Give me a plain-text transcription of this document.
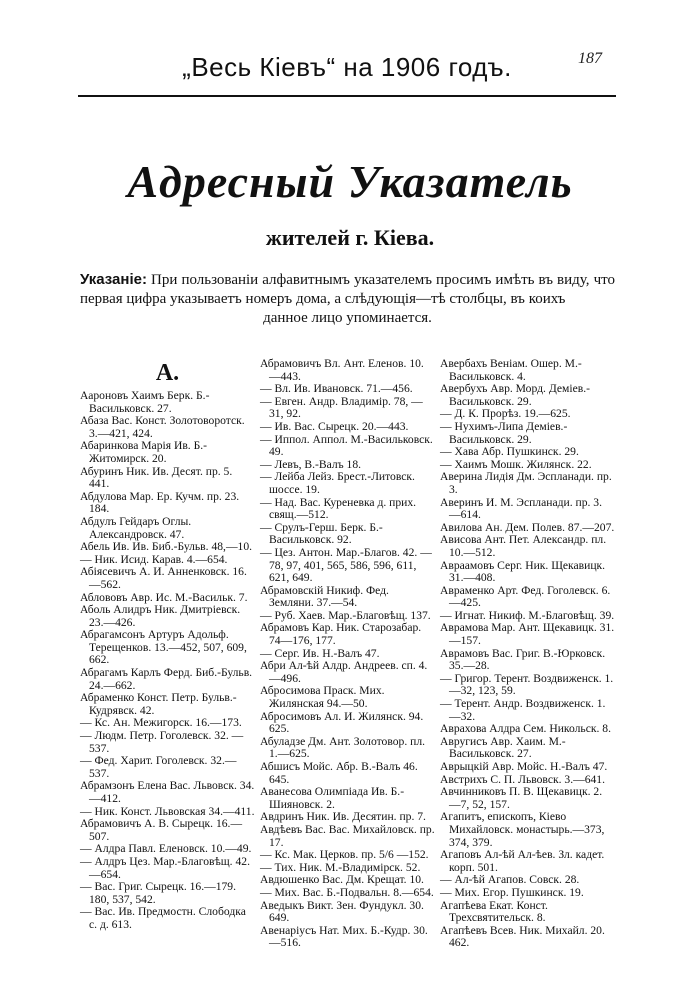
„Весь Кіевъ“ на 1906 годъ.	187
Адресный Указатель
жителей г. Кіева.
Указаніе: При пользованіи алфавитнымъ указателемъ просимъ имѣть въ виду, что первая цифра указываетъ номеръ дома, а слѣдующія—тѣ столбцы, въ коихъ
данное лицо упоминается.
А.

Аароновъ Хаимъ Берк. Б.-Васильковск. 27.

Абаза Вас. Конст. Золотоворотск. 3.—421, 424.

Абаринкова Марія Ив. Б.-Житомирск. 20.

Абуринъ Ник. Ив. Десят. пр. 5. 441.

Абдулова Мар. Ер. Кучм. пр. 23. 184.

Абдулъ Гейдаръ Оглы. Александровск. 47.

Абель Ив. Ив. Биб.-Бульв. 48,—10.

— Ник. Исид. Карав. 4.—654.

Абіясевичъ А. И. Анненковск. 16. —562.

Аблововъ Авр. Ис. М.-Васильк. 7.

Аболь Алидръ Ник. Дмитріевск. 23.—426.

Абрагамсонъ Артуръ Адольф. Терещенков. 13.—452, 507, 609, 662.

Абрагамъ Карлъ Ферд. Биб.-Бульв. 24.—662.

Абраменко Конст. Петр. Бульв.-Кудрявск. 42.

— Кс. Ан. Межигорск. 16.—173.

— Людм. Петр. Гоголевск. 32. —537.

— Фед. Харит. Гоголевск. 32.—537.

Абрамзонъ Елена Вас. Львовск. 34.—412.

— Ник. Конст. Львовская 34.—411.

Абрамовичъ А. В. Сырецк. 16.—507.

— Алдра Павл. Еленовск. 10.—49.

— Алдръ Цез. Мар.-Благовѣщ. 42.—654.

— Вас. Григ. Сырецк. 16.—179. 180, 537, 542.

— Вас. Ив. Предмостн. Слободка с. д. 613.

Абрамовичъ Вл. Ант. Еленов. 10. —443.

— Вл. Ив. Ивановск. 71.—456.

— Евген. Андр. Владимір. 78, —31, 92.

— Ив. Вас. Сырецк. 20.—443.

— Иппол. Аппол. М.-Васильковск. 49.

— Левъ, В.-Валъ 18.

— Лейба Лейз. Брест.-Литовск. шоссе. 19.

— Над. Вас. Куреневка д. прих. свящ.—512.

— Срулъ-Герш. Берк. Б.-Васильковск. 92.

— Цез. Антон. Мар.-Благов. 42. —78, 97, 401, 565, 586, 596, 611, 621, 649.

Абрамовскій Никиф. Фед. Земляни. 37.—54.

— Руб. Хаев. Мар.-Благовѣщ. 137.

Абрамовъ Кар. Ник. Старозабар. 74—176, 177.

— Серг. Ив. Н.-Валъ 47.

Абри Ал-ѣй Алдр. Андреев. сп. 4. —496.

Абросимова Праск. Мих. Жилянская 94.—50.

Абросимовъ Ал. И. Жилянск. 94. 625.

Абуладзе Дм. Ант. Золотовор. пл. 1.—625.

Абшисъ Мойс. Абр. В.-Валъ 46. 645.

Аванесова Олимпіада Ив. Б.-Шияновск. 2.

Авдринъ Ник. Ив. Десятин. пр. 7.

Авдѣевъ Вас. Вас. Михайловск. пр. 17.

— Кс. Мак. Церков. пр. 5/6 —152.

— Тих. Ник. М.-Владимірск. 52.

Авдюшенко Вас. Дм. Крещат. 10.

— Мих. Вас. Б.-Подвальн. 8.—654.

Аведыкъ Викт. Зен. Фундукл. 30. 649.

Авенаріусъ Нат. Мих. Б.-Кудр. 30.—516.

Авербахъ Веніам. Ошер. М.-Васильковск. 4.

Авербухъ Авр. Морд. Деміев.-Васильковск. 29.

— Д. К. Прорѣз. 19.—625.

— Нухимъ-Липа Деміев.-Васильковск. 29.

— Хава Абр. Пушкинск. 29.

— Хаимъ Мошк. Жилянск. 22.

Аверина Лидія Дм. Эспланади. пр. 3.

Аверинъ И. М. Эспланади. пр. 3. —614.

Авилова Ан. Дем. Полев. 87.—207.

Ависова Ант. Пет. Александр. пл. 10.—512.

Авраамовъ Серг. Ник. Щекавицк. 31.—408.

Авраменко Арт. Фед. Гоголевск. 6.—425.

— Игнат. Никиф. М.-Благовѣщ. 39.

Аврамова Мар. Ант. Щекавицк. 31.—157.

Аврамовъ Вас. Григ. В.-Юрковск. 35.—28.

— Григор. Терент. Воздвиженск. 1.—32, 123, 59.

— Терент. Андр. Воздвиженск. 1.—32.

Аврахова Алдра Сем. Никольск. 8.

Авругисъ Авр. Хаим. М.-Васильковск. 27.

Аврыцкій Авр. Мойс. Н.-Валъ 47.

Австрихъ С. П. Львовск. 3.—641.

Авчинниковъ П. В. Щекавицк. 2. —7, 52, 157.

Агапитъ, епископъ, Кіево Михайловск. монастырь.—373, 374, 379.

Агаповъ Ал-ѣй Ал-ѣев. Зл. кадет. корп. 501.

— Ал-ѣй Агапов. Совск. 28.

— Мих. Егор. Пушкинск. 19.

Агапѣева Екат. Конст. Трехсвятительск. 8.

Агапѣевъ Всев. Ник. Михайл. 20. 462.
